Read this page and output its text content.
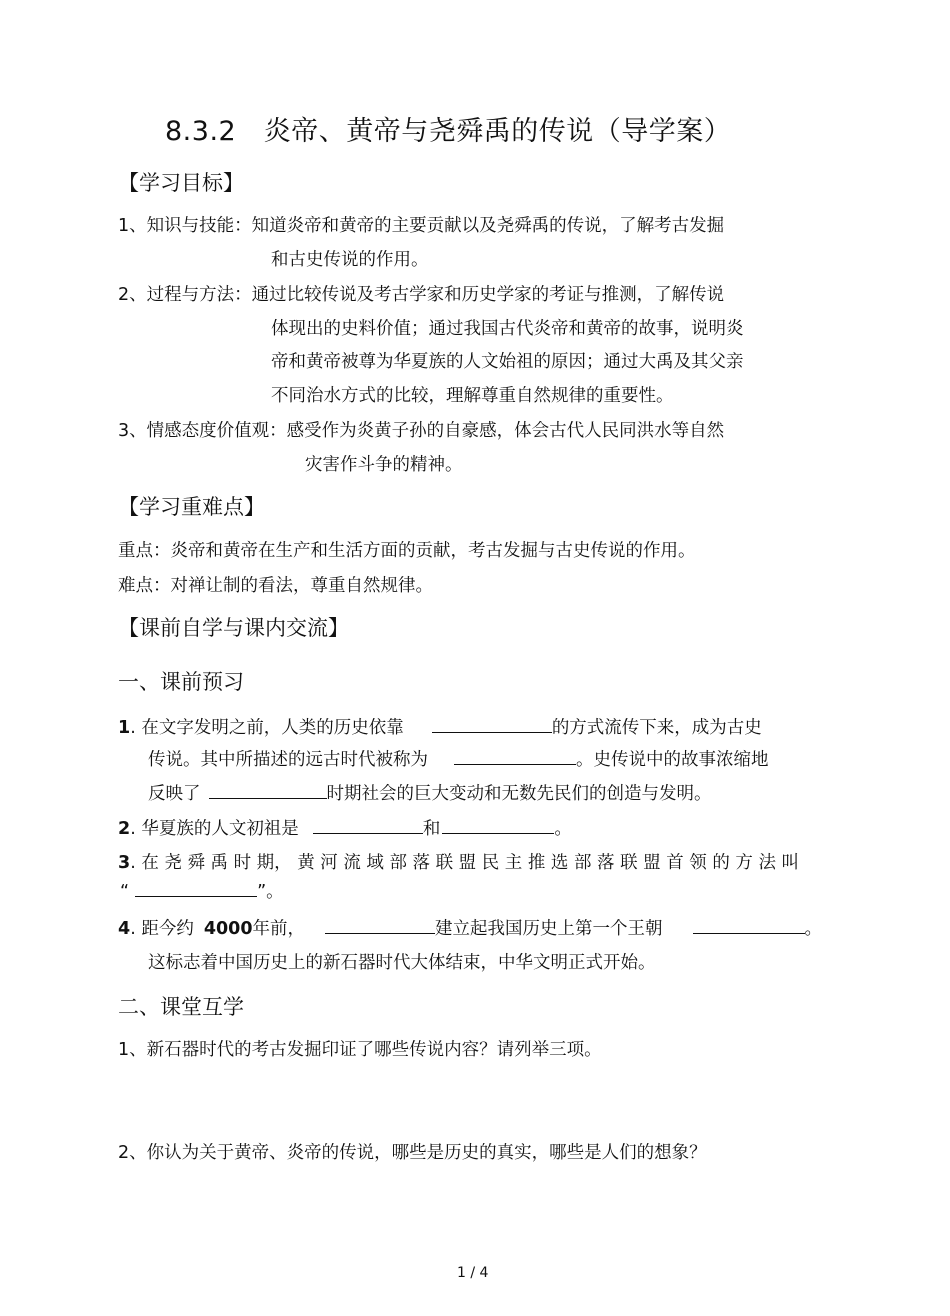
8.3.2　炎帝、黄帝与尧舜禹的传说（导学案）
【学习目标】
1、知识与技能：知道炎帝和黄帝的主要贡献以及尧舜禹的传说，了解考古发掘
和古史传说的作用。
2、过程与方法：通过比较传说及考古学家和历史学家的考证与推测，了解传说
体现出的史料价值；通过我国古代炎帝和黄帝的故事，说明炎
帝和黄帝被尊为华夏族的人文始祖的原因；通过大禹及其父亲
不同治水方式的比较，理解尊重自然规律的重要性。
3、情感态度价值观：感受作为炎黄子孙的自豪感，体会古代人民同洪水等自然
灾害作斗争的精神。
【学习重难点】
重点：炎帝和黄帝在生产和生活方面的贡献，考古发掘与古史传说的作用。
难点：对禅让制的看法，尊重自然规律。
【课前自学与课内交流】
一、课前预习
1. 在文字发明之前，人类的历史依靠	的方式流传下来，成为古史
传说。其中所描述的远古时代被称为	。史传说中的故事浓缩地
反映了	时期社会的巨大变动和无数先民们的创造与发明。
2. 华夏族的人文初祖是	和	。
3. 在 尧 舜 禹 时 期， 黄 河 流 域 部 落 联 盟 民 主 推 选 部 落 联 盟 首 领 的 方 法 叫
“	”。
4. 距今约 4000年前，	建立起我国历史上第一个王朝	。
这标志着中国历史上的新石器时代大体结束，中华文明正式开始。
二、课堂互学
1、新石器时代的考古发掘印证了哪些传说内容？请列举三项。
2、你认为关于黄帝、炎帝的传说，哪些是历史的真实，哪些是人们的想象？
1 / 4
